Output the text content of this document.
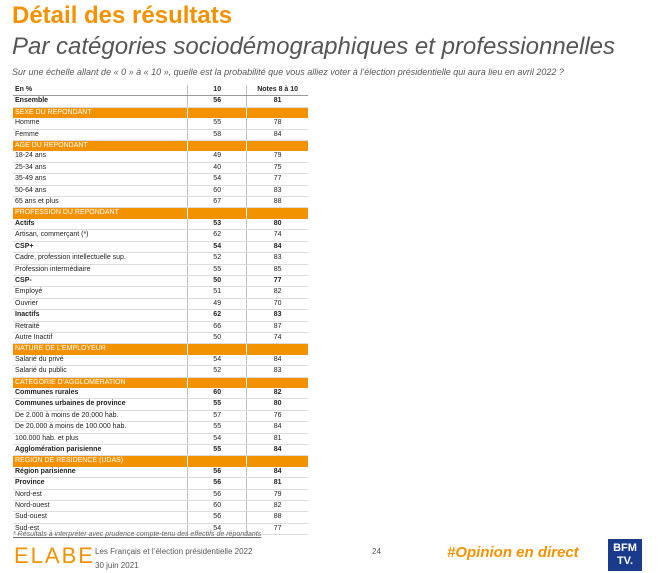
Détail des résultats
Par catégories sociodémographiques et professionnelles
Sur une échelle allant de « 0 » à « 10 », quelle est la probabilité que vous alliez voter à l’élection présidentielle qui aura lieu en avril 2022 ?
En %	10	Notes 8 à 10
Ensemble	56	81
SEXE DU REPONDANT		
Homme	55	78
Femme	58	84
AGE DU REPONDANT		
18-24 ans	49	79
25-34 ans	40	75
35-49 ans	54	77
50-64 ans	60	83
65 ans et plus	67	88
PROFESSION DU REPONDANT		
Actifs	53	80
Artisan, commerçant (*)	62	74
CSP+	54	84
Cadre, profession intellectuelle sup.	52	83
Profession intermédiaire	55	85
CSP-	50	77
Employé	51	82
Ouvrier	49	70
Inactifs	62	83
Retraité	66	87
Autre Inactif	50	74
NATURE DE L’EMPLOYEUR		
Salarié du privé	54	84
Salarié du public	52	83
CATEGORIE D’AGGLOMERATION		
Communes rurales	60	82
Communes urbaines de province	55	80
De 2.000 à moins de 20.000 hab.	57	76
De 20.000 à moins de 100.000 hab.	55	84
100.000 hab. et plus	54	81
Agglomération parisienne	55	84
REGION DE RESIDENCE (UDAS)		
Région parisienne	56	84
Province	56	81
Nord-est	56	79
Nord-ouest	60	82
Sud-ouest	56	88
Sud-est	54	77
* Résultats à interpréter avec prudence compte-tenu des effectifs de répondants
ELABE Les Français et l’élection présidentielle 2022
30 juin 2021
24	#Opinion en direct	BFM
TV.
